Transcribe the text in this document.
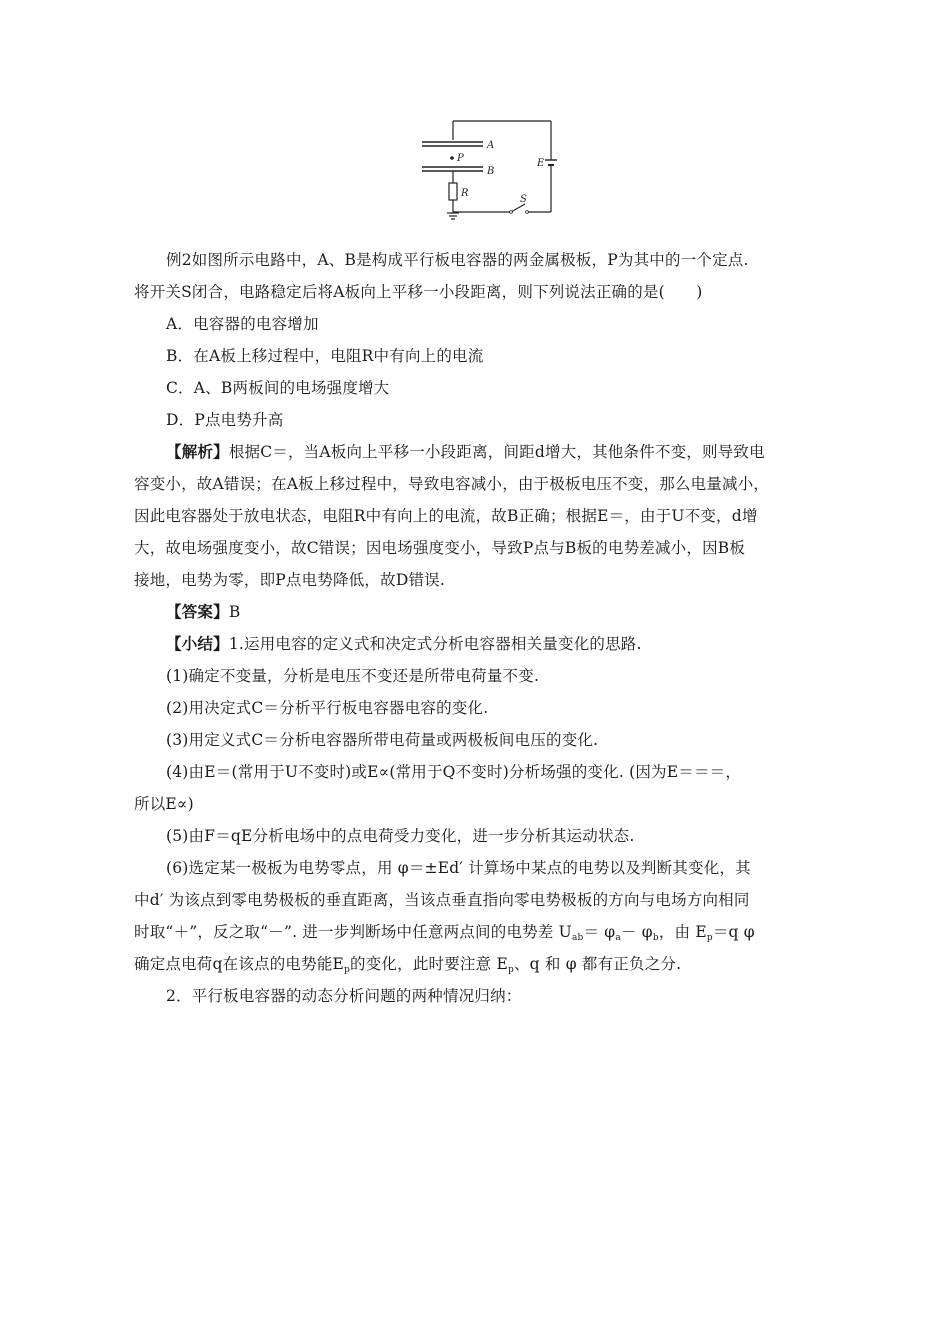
A
P
B
R
E
S

例2如图所示电路中，A、B是构成平行板电容器的两金属极板，P为其中的一个定点.

将开关S闭合，电路稳定后将A板向上平移一小段距离，则下列说法正确的是(　　)

A．电容器的电容增加

B．在A板上移过程中，电阻R中有向上的电流

C．A、B两板间的电场强度增大

D．P点电势升高

【解析】根据C＝，当A板向上平移一小段距离，间距d增大，其他条件不变，则导致电

容变小，故A错误；在A板上移过程中，导致电容减小，由于极板电压不变，那么电量减小，

因此电容器处于放电状态，电阻R中有向上的电流，故B正确；根据E＝，由于U不变，d增

大，故电场强度变小，故C错误；因电场强度变小，导致P点与B板的电势差减小，因B板

接地，电势为零，即P点电势降低，故D错误.

【答案】B

【小结】1.运用电容的定义式和决定式分析电容器相关量变化的思路.

(1)确定不变量，分析是电压不变还是所带电荷量不变.

(2)用决定式C＝分析平行板电容器电容的变化.

(3)用定义式C＝分析电容器所带电荷量或两极板间电压的变化.

(4)由E＝(常用于U不变时)或E∝(常用于Q不变时)分析场强的变化. (因为E＝＝＝，

所以E∝)

(5)由F＝qE分析电场中的点电荷受力变化，进一步分析其运动状态.

(6)选定某一极板为电势零点，用 φ＝±Ed′ 计算场中某点的电势以及判断其变化，其

中d′ 为该点到零电势极板的垂直距离，当该点垂直指向零电势极板的方向与电场方向相同

时取“＋”，反之取“－”. 进一步判断场中任意两点间的电势差 $U_{ab}= \varphi_a- \varphi_b$，由 $E_p=q$ φ

确定点电荷q在该点的电势能$E_p$的变化，此时要注意 $E_p$、q 和 φ 都有正负之分.

2．平行板电容器的动态分析问题的两种情况归纳：
